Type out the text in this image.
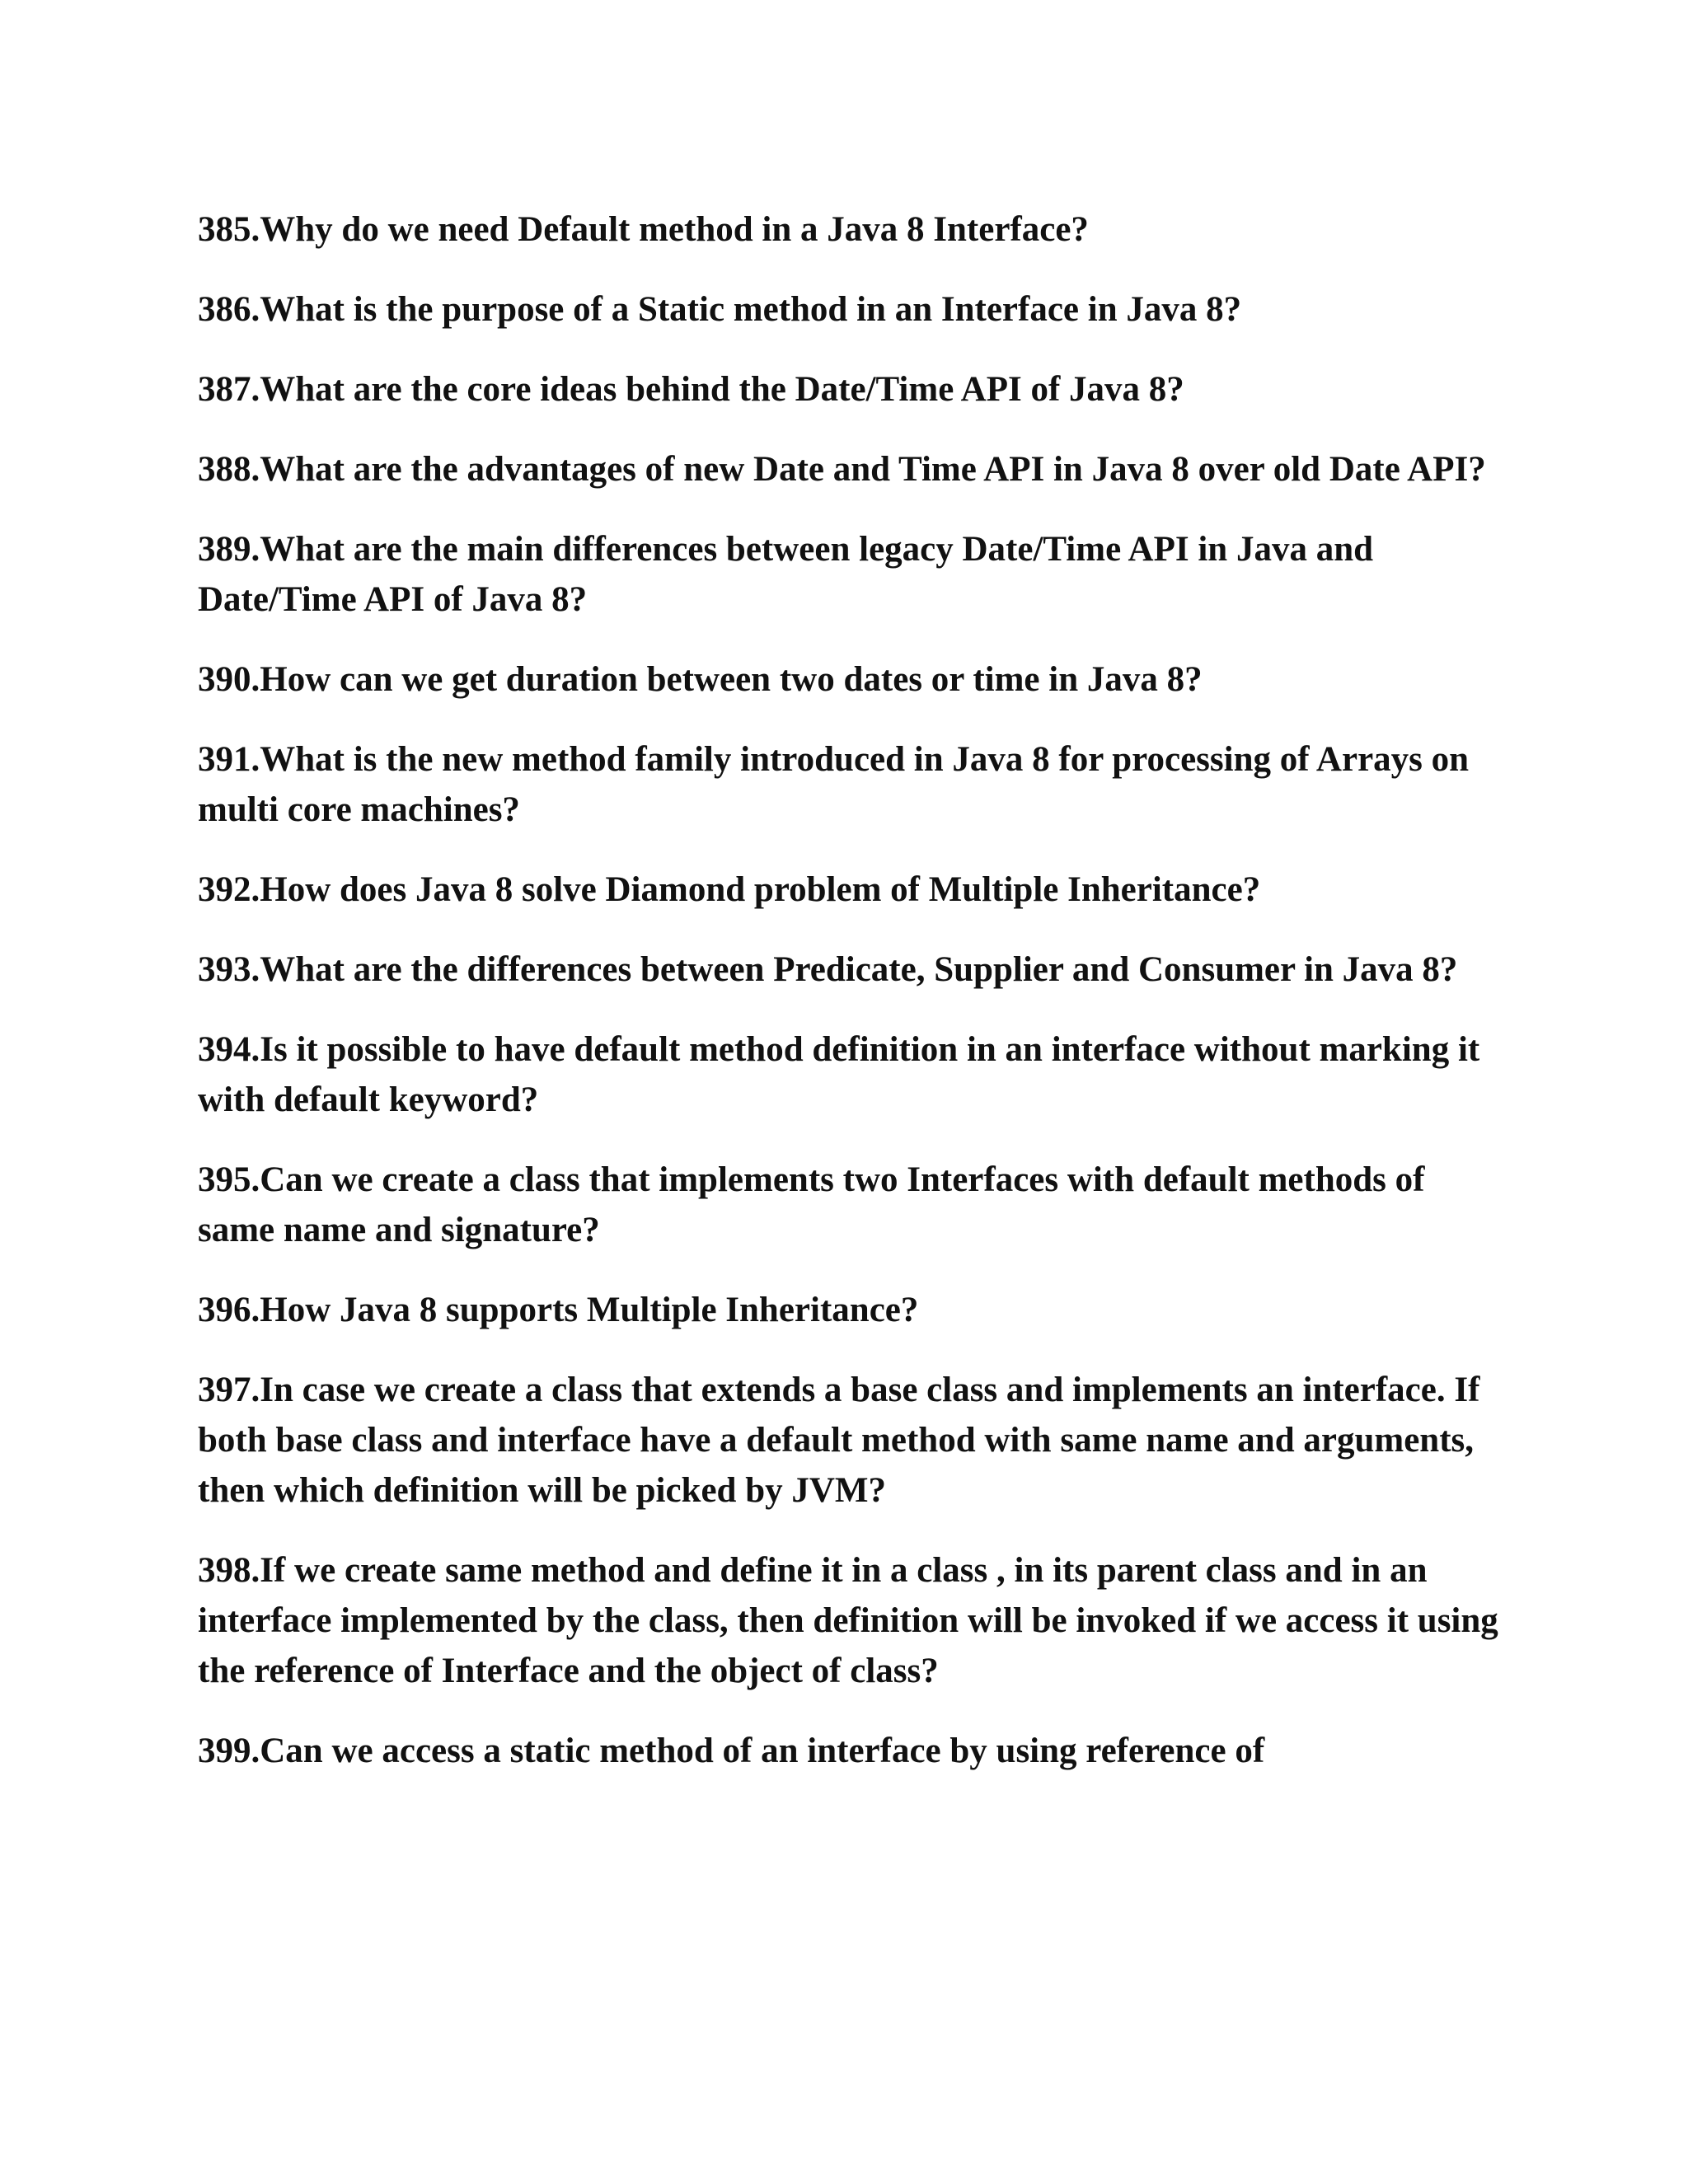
385.Why do we need Default method in a Java 8 Interface?
386.What is the purpose of a Static method in an Interface in Java 8?
387.What are the core ideas behind the Date/Time API of Java 8?
388.What are the advantages of new Date and Time API in Java 8 over old Date API?
389.What are the main differences between legacy Date/Time API in Java and Date/Time API of Java 8?
390.How can we get duration between two dates or time in Java 8?
391.What is the new method family introduced in Java 8 for processing of Arrays on multi core machines?
392.How does Java 8 solve Diamond problem of Multiple Inheritance?
393.What are the differences between Predicate, Supplier and Consumer in Java 8?
394.Is it possible to have default method definition in an interface without marking it with default keyword?
395.Can we create a class that implements two Interfaces with default methods of same name and signature?
396.How Java 8 supports Multiple Inheritance?
397.In case we create a class that extends a base class and implements an interface. If both base class and interface have a default method with same name and arguments, then which definition will be picked by JVM?
398.If we create same method and define it in a class , in its parent class and in an interface implemented by the class, then definition will be invoked if we access it using the reference of Interface and the object of class?
399.Can we access a static method of an interface by using reference of
